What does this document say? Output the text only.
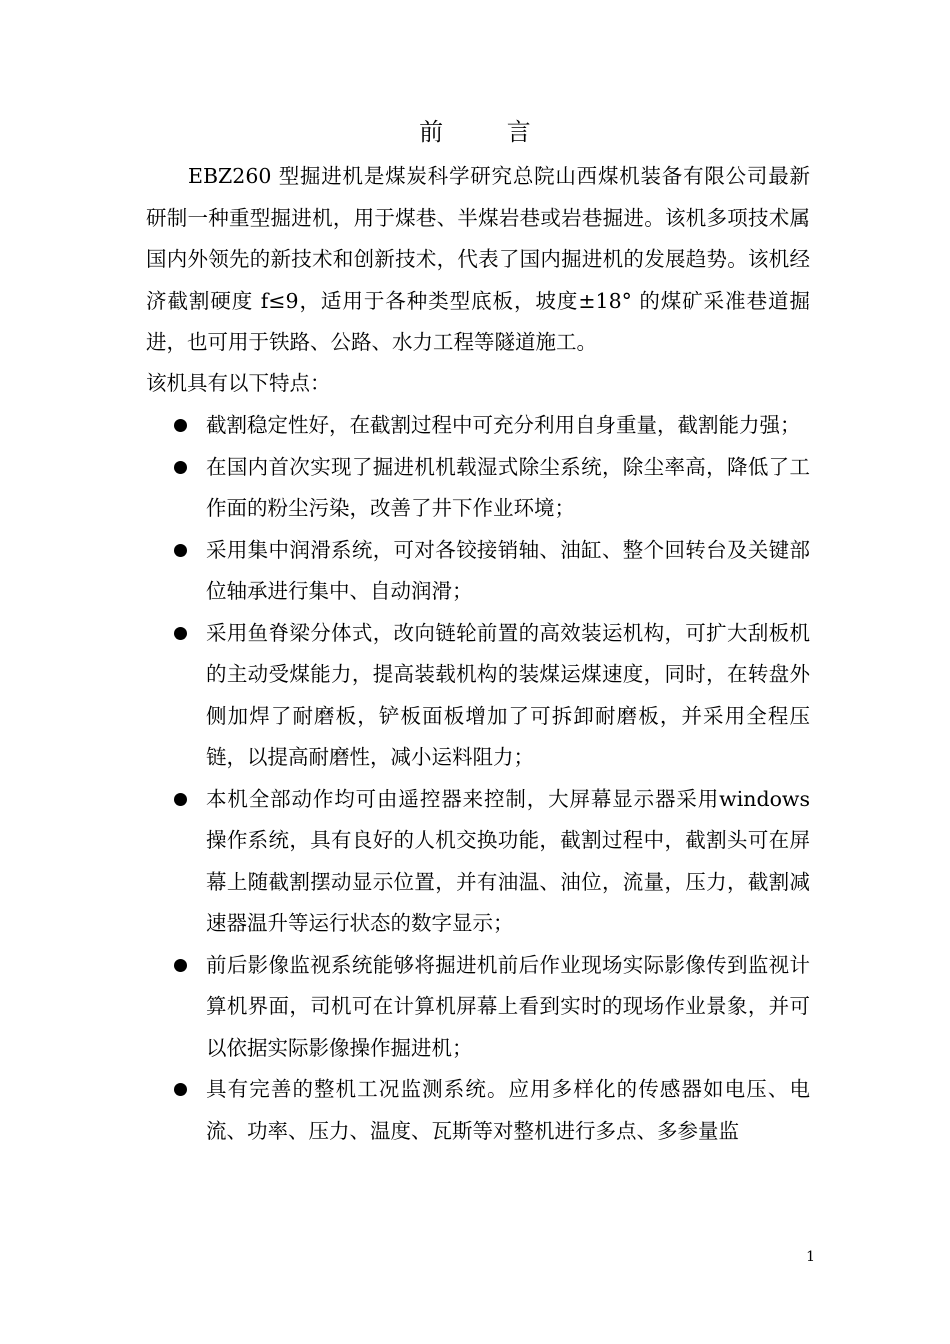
前 言
EBZ260 型掘进机是煤炭科学研究总院山西煤机装备有限公司最新研制一种重型掘进机，用于煤巷、半煤岩巷或岩巷掘进。该机多项技术属国内外领先的新技术和创新技术，代表了国内掘进机的发展趋势。该机经济截割硬度 f≤9，适用于各种类型底板，坡度±18° 的煤矿采准巷道掘进，也可用于铁路、公路、水力工程等隧道施工。
该机具有以下特点：
截割稳定性好，在截割过程中可充分利用自身重量，截割能力强；
在国内首次实现了掘进机机载湿式除尘系统，除尘率高，降低了工作面的粉尘污染，改善了井下作业环境；
采用集中润滑系统，可对各铰接销轴、油缸、整个回转台及关键部位轴承进行集中、自动润滑；
采用鱼脊梁分体式，改向链轮前置的高效装运机构，可扩大刮板机的主动受煤能力，提高装载机构的装煤运煤速度，同时，在转盘外侧加焊了耐磨板，铲板面板增加了可拆卸耐磨板，并采用全程压链，以提高耐磨性，减小运料阻力；
本机全部动作均可由遥控器来控制，大屏幕显示器采用windows 操作系统，具有良好的人机交换功能，截割过程中，截割头可在屏幕上随截割摆动显示位置，并有油温、油位，流量，压力，截割减速器温升等运行状态的数字显示；
前后影像监视系统能够将掘进机前后作业现场实际影像传到监视计算机界面，司机可在计算机屏幕上看到实时的现场作业景象，并可以依据实际影像操作掘进机；
具有完善的整机工况监测系统。应用多样化的传感器如电压、电流、功率、压力、温度、瓦斯等对整机进行多点、多参量监
1
